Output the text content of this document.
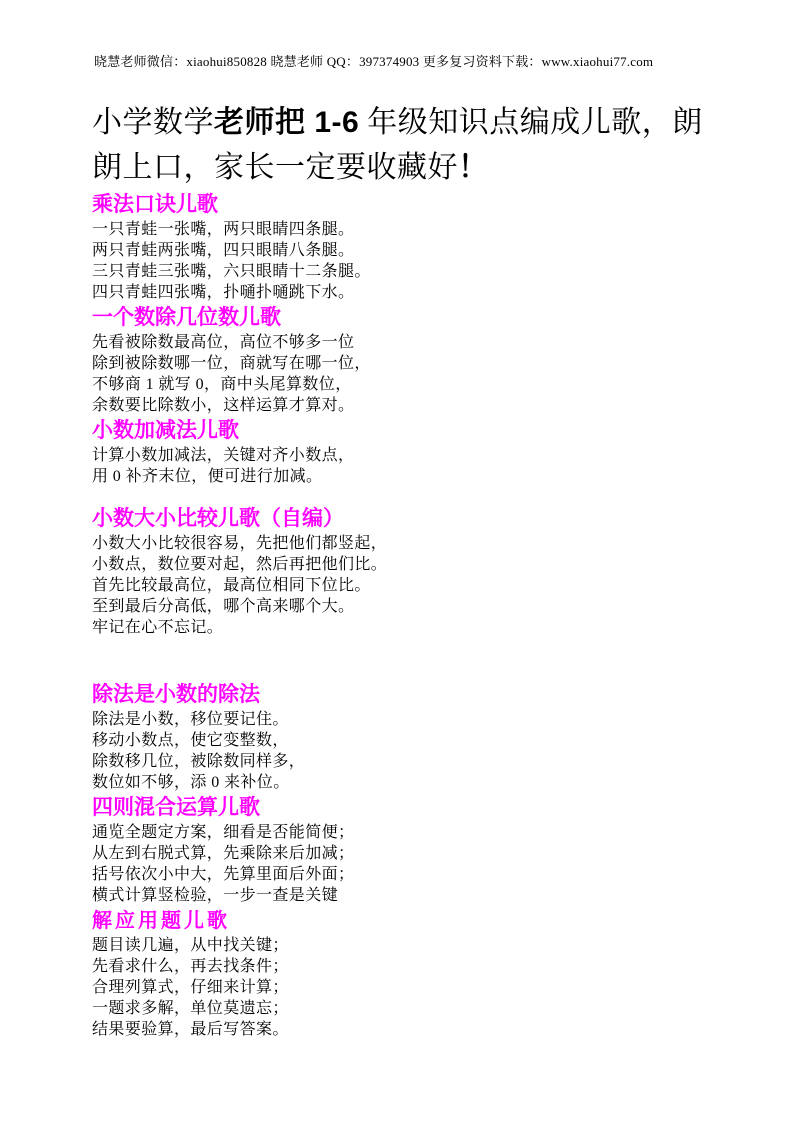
晓慧老师微信：xiaohui850828 晓慧老师 QQ：397374903 更多复习资料下载：www.xiaohui77.com
小学数学老师把 1-6 年级知识点编成儿歌，朗朗上口，家长一定要收藏好！
乘法口诀儿歌

一只青蛙一张嘴，两只眼睛四条腿。

两只青蛙两张嘴，四只眼睛八条腿。

三只青蛙三张嘴，六只眼睛十二条腿。

四只青蛙四张嘴，扑嗵扑嗵跳下水。

一个数除几位数儿歌

先看被除数最高位，高位不够多一位

除到被除数哪一位，商就写在哪一位，

不够商 1 就写 0，商中头尾算数位，

余数要比除数小，这样运算才算对。

小数加减法儿歌

计算小数加减法，关键对齐小数点，

用 0 补齐末位，便可进行加减。

小数大小比较儿歌（自编）

小数大小比较很容易，先把他们都竖起，

小数点，数位要对起，然后再把他们比。

首先比较最高位，最高位相同下位比。

至到最后分高低，哪个高来哪个大。

牢记在心不忘记。

除法是小数的除法

除法是小数，移位要记住。

移动小数点，使它变整数，

除数移几位，被除数同样多，

数位如不够，添 0 来补位。

四则混合运算儿歌

通览全题定方案，细看是否能简便；

从左到右脱式算，先乘除来后加减；

括号依次小中大，先算里面后外面；

横式计算竖检验，一步一查是关键

解应用题儿歌

题目读几遍，从中找关键；

先看求什么，再去找条件；

合理列算式，仔细来计算；

一题求多解，单位莫遗忘；

结果要验算，最后写答案。
